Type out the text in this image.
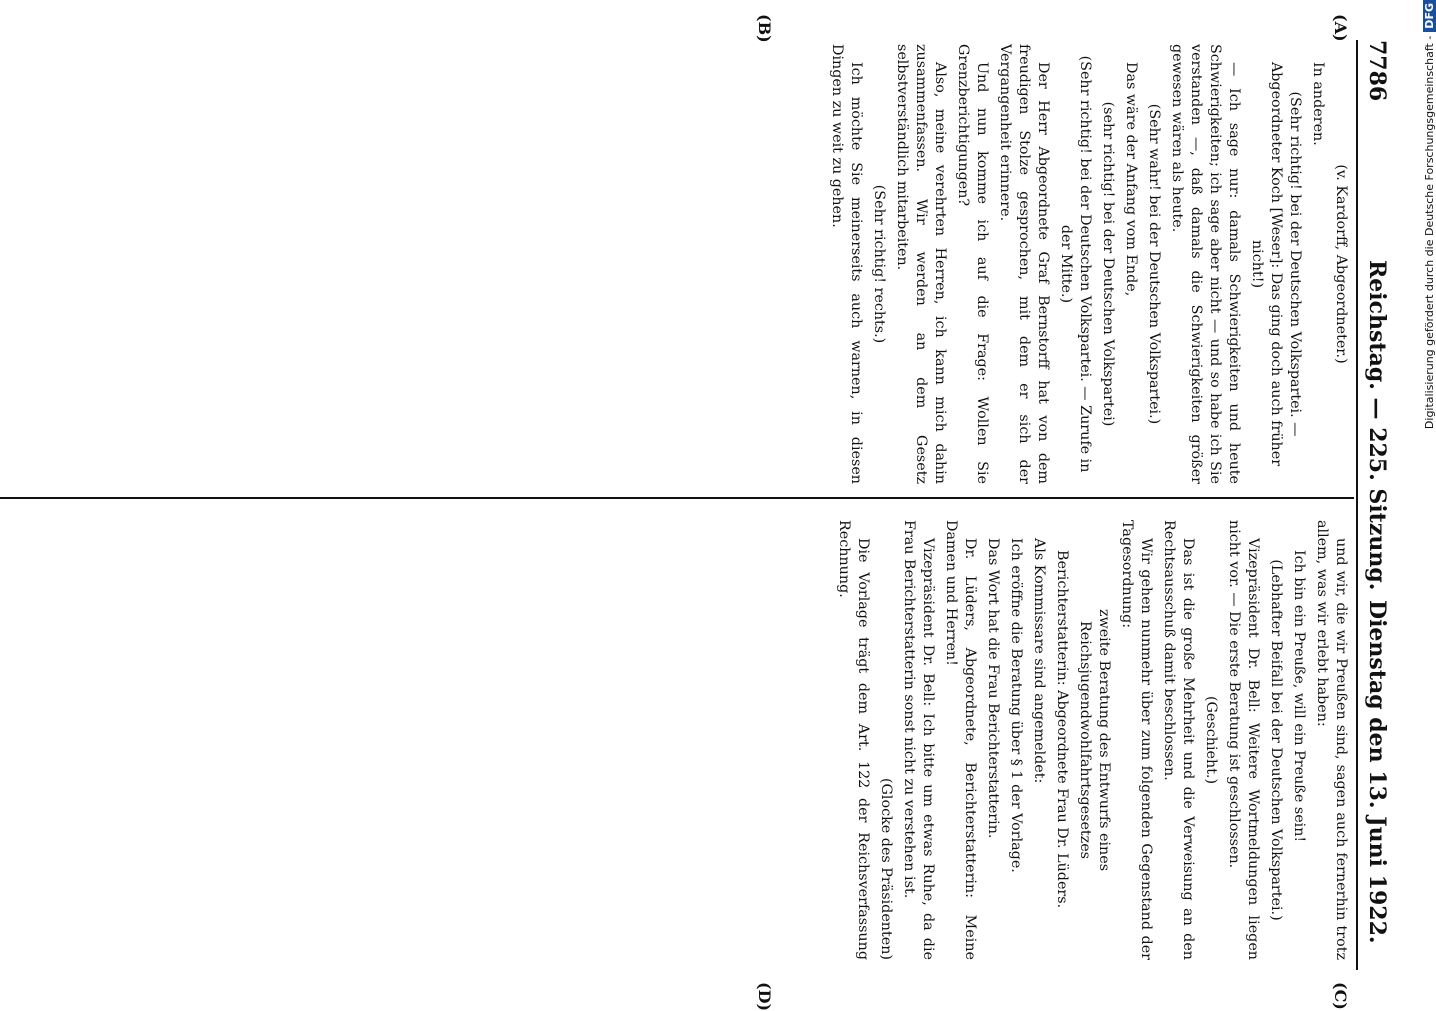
7786
Reichstag. — 225. Sitzung.
Dienstag den 13. Juni 1922.
(A)
(B)
(C)
(D)

(v. Kardorff, Abgeordneter.)

In anderen.

(Sehr richtig! bei der Deutschen Volkspartei. — Abgeordneter Koch [Weser]: Das ging doch auch früher nicht!)

— Ich sage nur: damals Schwierigkeiten und heute Schwierigkeiten; ich sage aber nicht — und so habe ich Sie verstanden —, daß damals die Schwierigkeiten größer gewesen wären als heute.

(Sehr wahr! bei der Deutschen Volkspartei.)

Das wäre der Anfang vom Ende,

(sehr richtig! bei der Deutschen Volkspartei)

(Sehr richtig! bei der Deutschen Volkspartei. — Zurufe in der Mitte.)

Der Herr Abgeordnete Graf Bernstorff hat von dem freudigen Stolze gesprochen, mit dem er sich der Vergangenheit erinnere.

Und nun komme ich auf die Frage: Wollen Sie Grenzberichtigungen?

Also, meine verehrten Herren, ich kann mich dahin zusammenfassen. Wir werden an dem Gesetz selbstverständlich mitarbeiten.

(Sehr richtig! rechts.)

Ich möchte Sie meinerseits auch warnen, in diesen Dingen zu weit zu gehen.

und wir, die wir Preußen sind, sagen auch fernerhin trotz allem, was wir erlebt haben:

Ich bin ein Preuße, will ein Preuße sein!

(Lebhafter Beifall bei der Deutschen Volkspartei.)

Vizepräsident Dr. Bell: Weitere Wortmeldungen liegen nicht vor. — Die erste Beratung ist geschlossen.

(Geschieht.)

Das ist die große Mehrheit und die Verweisung an den Rechtsausschuß damit beschlossen.

Wir gehen nunmehr über zum folgenden Gegenstand der Tagesordnung:

zweite Beratung des Entwurfs eines Reichsjugendwohlfahrtsgesetzes

Berichterstatterin: Abgeordnete Frau Dr. Lüders.

Als Kommissare sind angemeldet:

Ich eröffne die Beratung über § 1 der Vorlage.

Das Wort hat die Frau Berichterstatterin.

Dr. Lüders, Abgeordnete, Berichterstatterin: Meine Damen und Herren!

Vizepräsident Dr. Bell: Ich bitte um etwas Ruhe, da die Frau Berichterstatterin sonst nicht zu verstehen ist.

(Glocke des Präsidenten)

Die Vorlage trägt dem Art. 122 der Reichsverfassung Rechnung.

Digitalisierung gefördert durch die Deutsche Forschungsgemeinschaft -DFG
